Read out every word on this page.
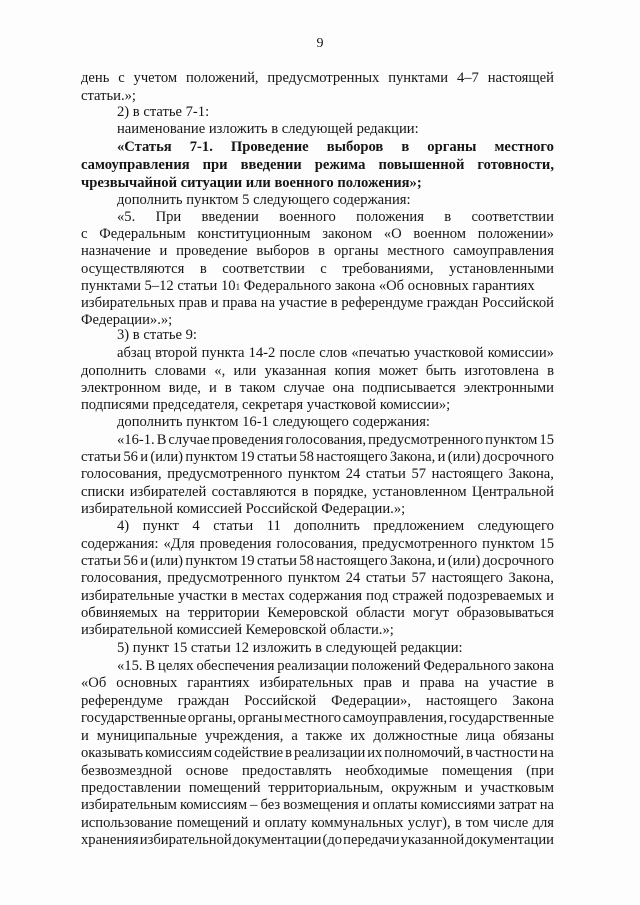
9
день с учетом положений, предусмотренных пунктами 4–7 настоящей
статьи.»;
2) в статье 7-1:
наименование изложить в следующей редакции:
«Статья 7-1. Проведение выборов в органы местного
самоуправления при введении режима повышенной готовности,
чрезвычайной ситуации или военного положения»;
дополнить пунктом 5 следующего содержания:
«5. При введении военного положения в соответствии
с Федеральным конституционным законом «О военном положении»
назначение и проведение выборов в органы местного самоуправления
осуществляются в соответствии с требованиями, установленными
пунктами 5–12 статьи 101 Федерального закона «Об основных гарантиях
избирательных прав и права на участие в референдуме граждан Российской
Федерации».»;
3) в статье 9:
абзац второй пункта 14-2 после слов «печатью участковой комиссии»
дополнить словами «, или указанная копия может быть изготовлена в
электронном виде, и в таком случае она подписывается электронными
подписями председателя, секретаря участковой комиссии»;
дополнить пунктом 16-1 следующего содержания:
«16-1. В случае проведения голосования, предусмотренного пунктом 15
статьи 56 и (или) пунктом 19 статьи 58 настоящего Закона, и (или) досрочного
голосования, предусмотренного пунктом 24 статьи 57 настоящего Закона,
списки избирателей составляются в порядке, установленном Центральной
избирательной комиссией Российской Федерации.»;
4) пункт 4 статьи 11 дополнить предложением следующего
содержания: «Для проведения голосования, предусмотренного пунктом 15
статьи 56 и (или) пунктом 19 статьи 58 настоящего Закона, и (или) досрочного
голосования, предусмотренного пунктом 24 статьи 57 настоящего Закона,
избирательные участки в местах содержания под стражей подозреваемых и
обвиняемых на территории Кемеровской области могут образовываться
избирательной комиссией Кемеровской области.»;
5) пункт 15 статьи 12 изложить в следующей редакции:
«15. В целях обеспечения реализации положений Федерального закона
«Об основных гарантиях избирательных прав и права на участие в
референдуме граждан Российской Федерации», настоящего Закона
государственные органы, органы местного самоуправления, государственные
и муниципальные учреждения, а также их должностные лица обязаны
оказывать комиссиям содействие в реализации их полномочий, в частности на
безвозмездной основе предоставлять необходимые помещения (при
предоставлении помещений территориальным, окружным и участковым
избирательным комиссиям – без возмещения и оплаты комиссиями затрат на
использование помещений и оплату коммунальных услуг), в том числе для
хранения избирательной документации (до передачи указанной документации
